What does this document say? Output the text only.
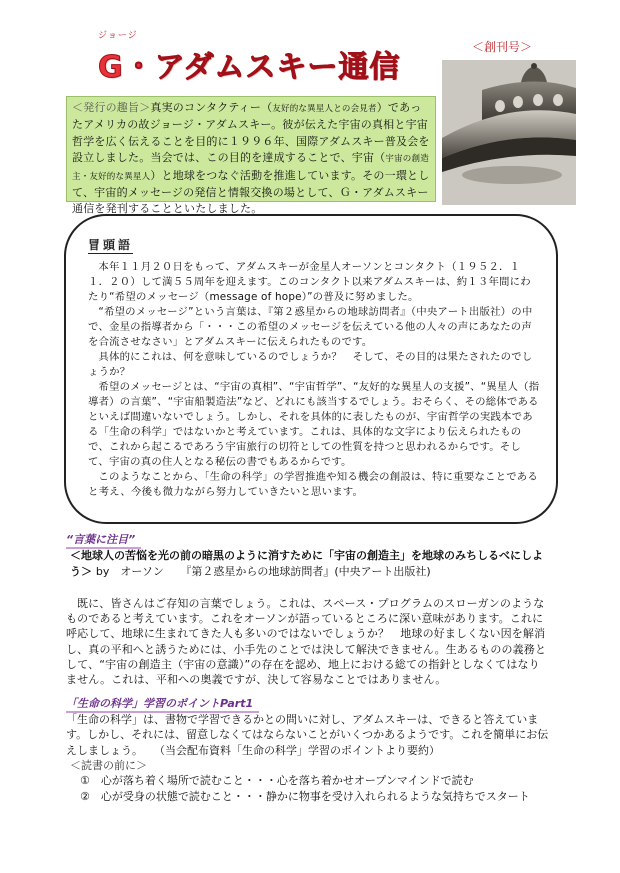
ジョージ
G・アダムスキー通信
＜創刊号＞
＜発行の趣旨＞真実のコンタクティー（友好的な異星人との会見者）であったアメリカの故ジョージ・アダムスキー。彼が伝えた宇宙の真相と宇宙哲学を広く伝えることを目的に１９９６年、国際アダムスキー普及会を設立しました。当会では、この目的を達成することで、宇宙（宇宙の創造主・友好的な異星人）と地球をつなぐ活動を推進しています。その一環として、宇宙的メッセージの発信と情報交換の場として、Ｇ・アダムスキー通信を発刊することといたしました。
冒頭語

本年１１月２０日をもって、アダムスキーが金星人オーソンとコンタクト（１９５２．１１．２０）して満５５周年を迎えます。このコンタクト以来アダムスキーは、約１３年間にわたり“希望のメッセージ（message of hope）”の普及に努めました。

“希望のメッセージ”という言葉は、『第２惑星からの地球訪問者』（中央アート出版社）の中で、金星の指導者から「・・・この希望のメッセージを伝えている他の人々の声にあなたの声を合流させなさい」とアダムスキーに伝えられたものです。

具体的にこれは、何を意味しているのでしょうか？　そして、その目的は果たされたのでしょうか？

希望のメッセージとは、“宇宙の真相”、“宇宙哲学”、“友好的な異星人の支援”、“異星人（指導者）の言葉”、“宇宙船製造法”など、どれにも該当するでしょう。おそらく、その総体であるといえば間違いないでしょう。しかし、それを具体的に表したものが、宇宙哲学の実践本である「生命の科学」ではないかと考えています。これは、具体的な文字により伝えられたもので、これから起こるであろう宇宙旅行の切符としての性質を持つと思われるからです。そして、宇宙の真の住人となる秘伝の書でもあるからです。

このようなことから、「生命の科学」の学習推進や知る機会の創設は、特に重要なことであると考え、今後も微力ながら努力していきたいと思います。

“言葉に注目”
＜地球人の苦悩を光の前の暗黒のように消すために「宇宙の創造主」を地球のみちしるべにしよう＞ by　オーソン　　『第２惑星からの地球訪問者』(中央アート出版社)

既に、皆さんはご存知の言葉でしょう。これは、スペース・プログラムのスローガンのようなものであると考えています。これをオーソンが語っているところに深い意味があります。これに呼応して、地球に生まれてきた人も多いのではないでしょうか？　地球の好ましくない因を解消し、真の平和へと誘うためには、小手先のことでは決して解決できません。生あるものの義務として、“宇宙の創造主（宇宙の意識）”の存在を認め、地上における総ての指針としなくてはなりません。これは、平和への奥義ですが、決して容易なことではありません。

「生命の科学」学習のポイントPart1

「生命の科学」は、書物で学習できるかとの問いに対し、アダムスキーは、できると答えています。しかし、それには、留意しなくてはならないことがいくつかあるようです。これを簡単にお伝えしましょう。　　（当会配布資料「生命の科学」学習のポイントより要約）

＜読書の前に＞
①　心が落ち着く場所で読むこと・・・心を落ち着かせオープンマインドで読む
②　心が受身の状態で読むこと・・・静かに物事を受け入れられるような気持ちでスタート
